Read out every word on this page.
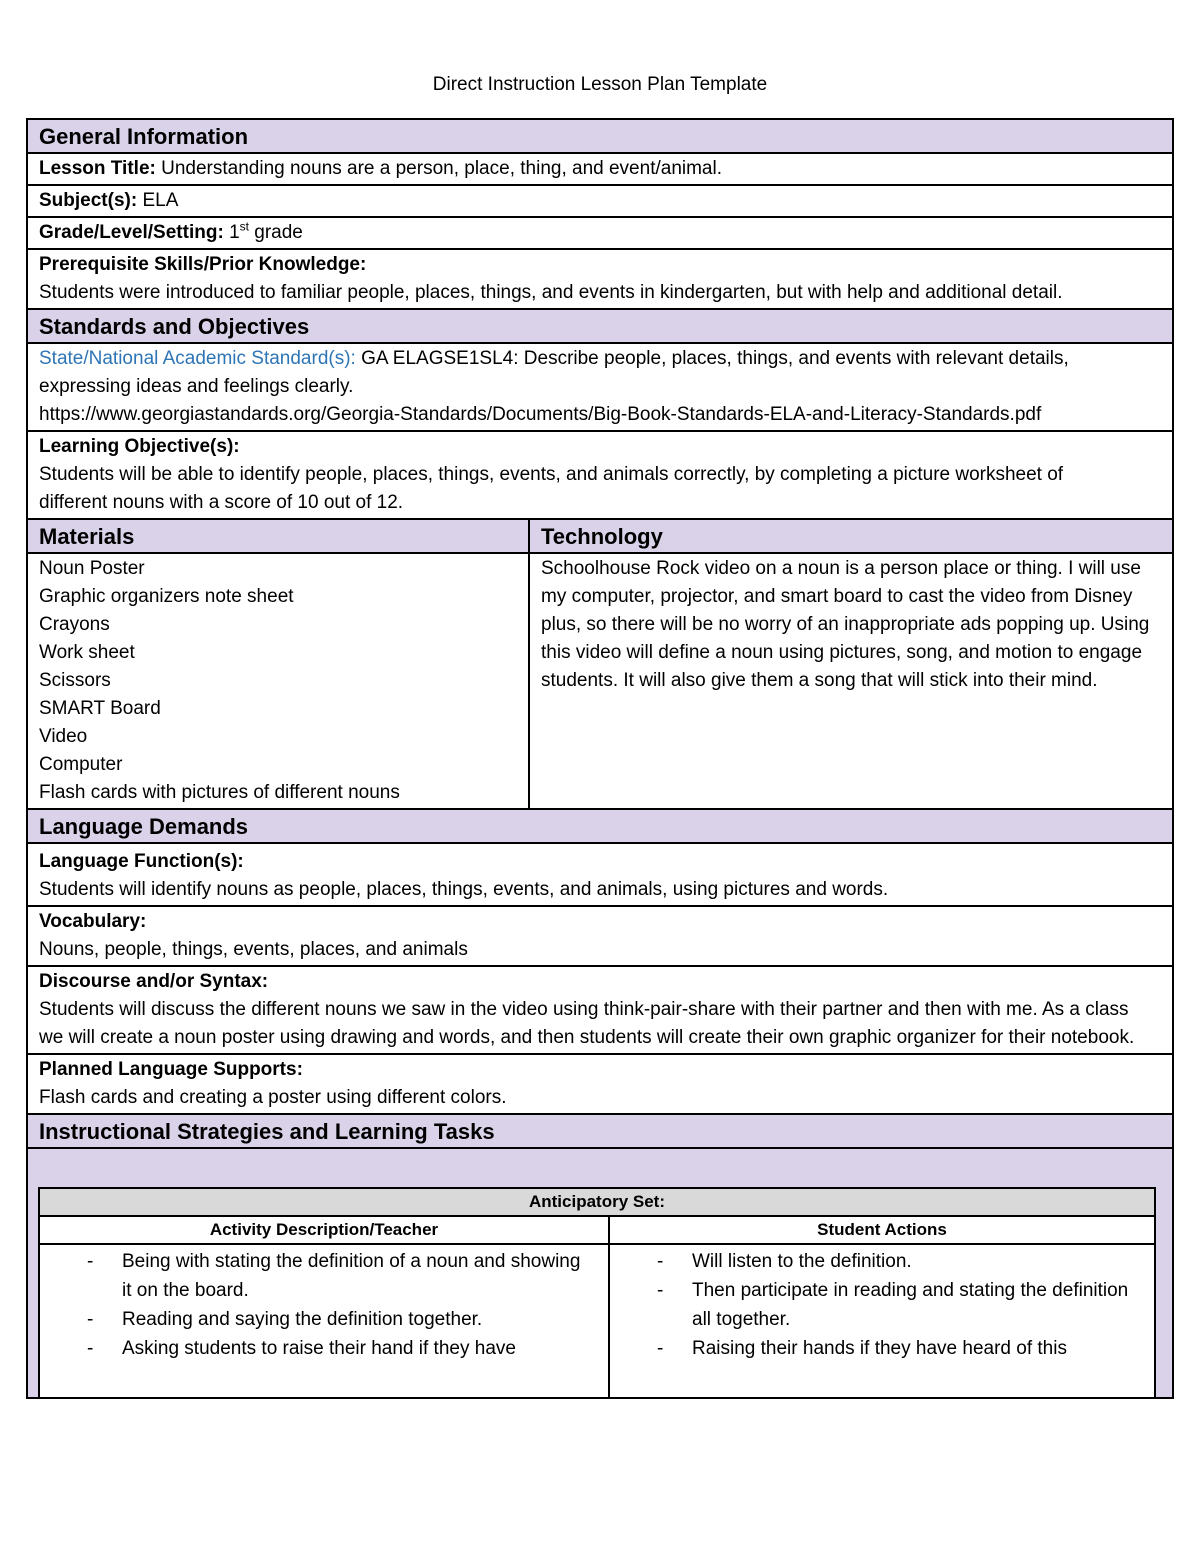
Direct Instruction Lesson Plan Template
General Information
Lesson Title: Understanding nouns are a person, place, thing, and event/animal.
Subject(s): ELA
Grade/Level/Setting: 1st grade
Prerequisite Skills/Prior Knowledge:
Students were introduced to familiar people, places, things, and events in kindergarten, but with help and additional detail.
Standards and Objectives
State/National Academic Standard(s): GA ELAGSE1SL4: Describe people, places, things, and events with relevant details, expressing ideas and feelings clearly.
https://www.georgiastandards.org/Georgia-Standards/Documents/Big-Book-Standards-ELA-and-Literacy-Standards.pdf
Learning Objective(s):
Students will be able to identify people, places, things, events, and animals correctly, by completing a picture worksheet of different nouns with a score of 10 out of 12.
Materials	Technology
Noun Poster
Graphic organizers note sheet
Crayons
Work sheet
Scissors
SMART Board
Video
Computer
Flash cards with pictures of different nouns
Schoolhouse Rock video on a noun is a person place or thing. I will use my computer, projector, and smart board to cast the video from Disney plus, so there will be no worry of an inappropriate ads popping up. Using this video will define a noun using pictures, song, and motion to engage students. It will also give them a song that will stick into their mind.
Language Demands
Language Function(s):
Students will identify nouns as people, places, things, events, and animals, using pictures and words.
Vocabulary:
Nouns, people, things, events, places, and animals
Discourse and/or Syntax:
Students will discuss the different nouns we saw in the video using think-pair-share with their partner and then with me. As a class we will create a noun poster using drawing and words, and then students will create their own graphic organizer for their notebook.
Planned Language Supports:
Flash cards and creating a poster using different colors.
Instructional Strategies and Learning Tasks
Anticipatory Set:
Activity Description/Teacher	Student Actions
- Being with stating the definition of a noun and showing it on the board.
- Reading and saying the definition together.
- Asking students to raise their hand if they have
- Will listen to the definition.
- Then participate in reading and stating the definition all together.
- Raising their hands if they have heard of this
